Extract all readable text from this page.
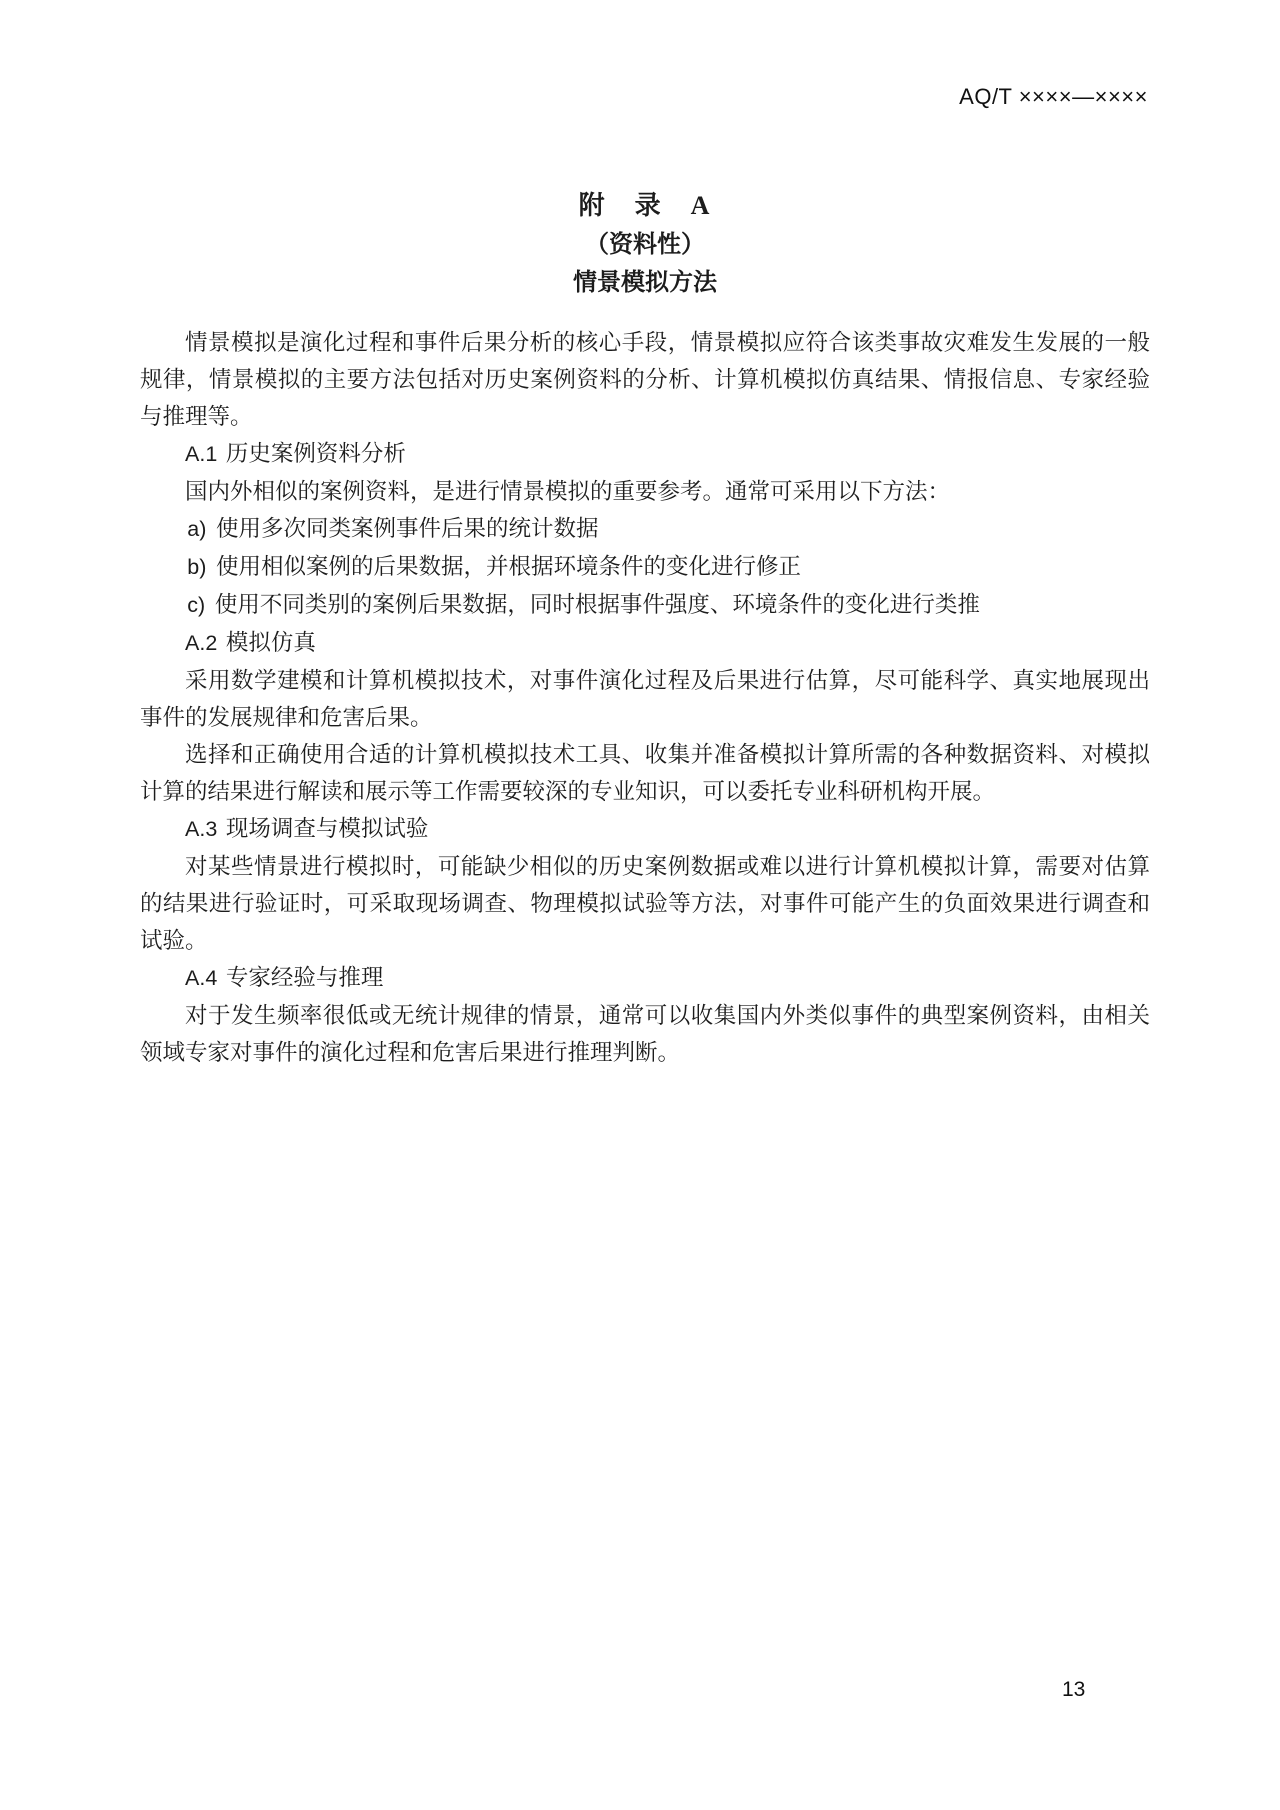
AQ/T ××××—××××
附　录　A
（资料性）
情景模拟方法

情景模拟是演化过程和事件后果分析的核心手段，情景模拟应符合该类事故灾难发生发展的一般规律，情景模拟的主要方法包括对历史案例资料的分析、计算机模拟仿真结果、情报信息、专家经验与推理等。

A.1 历史案例资料分析

国内外相似的案例资料，是进行情景模拟的重要参考。通常可采用以下方法：

a) 使用多次同类案例事件后果的统计数据

b) 使用相似案例的后果数据，并根据环境条件的变化进行修正

c) 使用不同类别的案例后果数据，同时根据事件强度、环境条件的变化进行类推

A.2 模拟仿真

采用数学建模和计算机模拟技术，对事件演化过程及后果进行估算，尽可能科学、真实地展现出事件的发展规律和危害后果。

选择和正确使用合适的计算机模拟技术工具、收集并准备模拟计算所需的各种数据资料、对模拟计算的结果进行解读和展示等工作需要较深的专业知识，可以委托专业科研机构开展。

A.3 现场调查与模拟试验

对某些情景进行模拟时，可能缺少相似的历史案例数据或难以进行计算机模拟计算，需要对估算的结果进行验证时，可采取现场调查、物理模拟试验等方法，对事件可能产生的负面效果进行调查和试验。

A.4 专家经验与推理

对于发生频率很低或无统计规律的情景，通常可以收集国内外类似事件的典型案例资料，由相关领域专家对事件的演化过程和危害后果进行推理判断。

13
